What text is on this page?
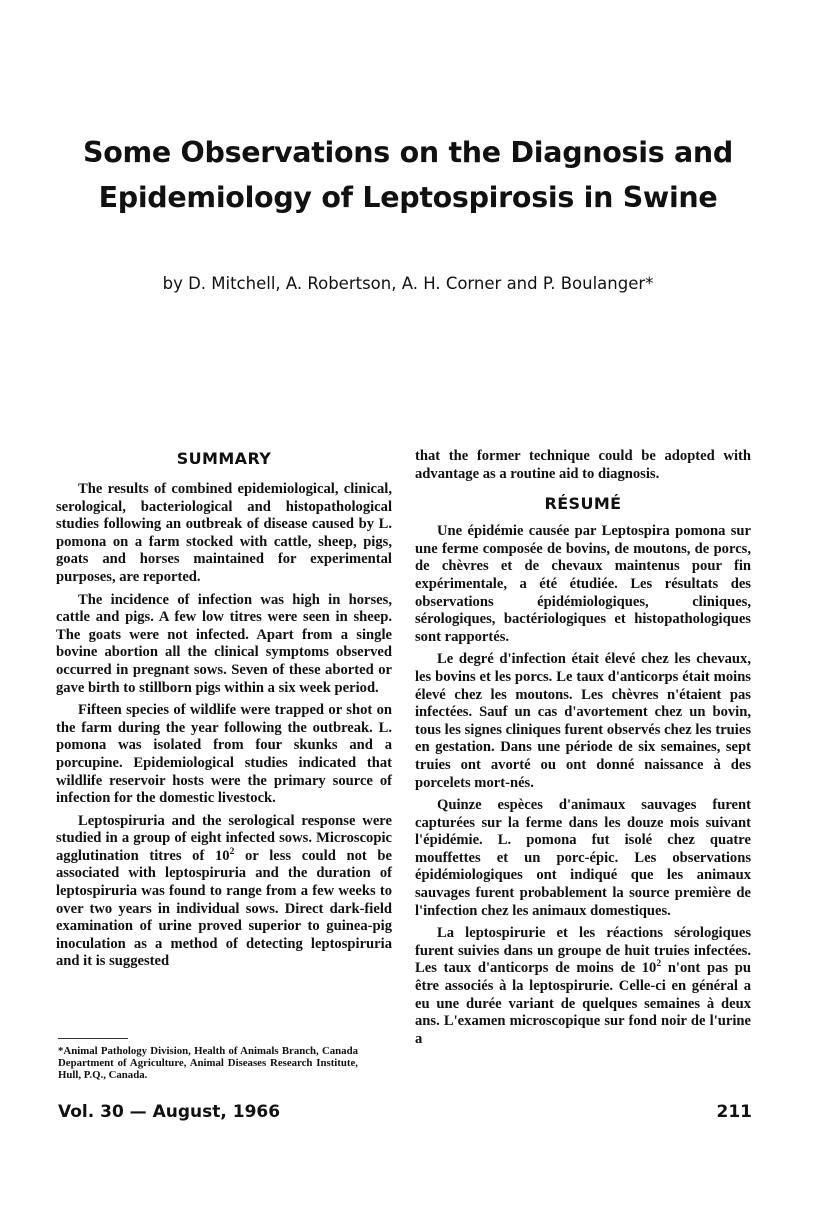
Some Observations on the Diagnosis and
Epidemiology of Leptospirosis in Swine
by D. Mitchell, A. Robertson, A. H. Corner and P. Boulanger*
SUMMARY

The results of combined epidemiological, clinical, serological, bacteriological and histopathological studies following an outbreak of disease caused by L. pomona on a farm stocked with cattle, sheep, pigs, goats and horses maintained for experimental purposes, are reported.

The incidence of infection was high in horses, cattle and pigs. A few low titres were seen in sheep. The goats were not infected. Apart from a single bovine abortion all the clinical symptoms observed occurred in pregnant sows. Seven of these aborted or gave birth to stillborn pigs within a six week period.

Fifteen species of wildlife were trapped or shot on the farm during the year following the outbreak. L. pomona was isolated from four skunks and a porcupine. Epidemiological studies indicated that wildlife reservoir hosts were the primary source of infection for the domestic livestock.

Leptospiruria and the serological response were studied in a group of eight infected sows. Microscopic agglutination titres of $10^2$ or less could not be associated with leptospiruria and the duration of leptospiruria was found to range from a few weeks to over two years in individual sows. Direct dark-field examination of urine proved superior to guinea-pig inoculation as a method of detecting leptospiruria and it is suggested

*Animal Pathology Division, Health of Animals Branch, Canada Department of Agriculture, Animal Diseases Research Institute, Hull, P.Q., Canada.

that the former technique could be adopted with advantage as a routine aid to diagnosis.

RÉSUMÉ

Une épidémie causée par Leptospira pomona sur une ferme composée de bovins, de moutons, de porcs, de chèvres et de chevaux maintenus pour fin expérimentale, a été étudiée. Les résultats des observations épidémiologiques, cliniques, sérologiques, bactériologiques et histopathologiques sont rapportés.

Le degré d'infection était élevé chez les chevaux, les bovins et les porcs. Le taux d'anticorps était moins élevé chez les moutons. Les chèvres n'étaient pas infectées. Sauf un cas d'avortement chez un bovin, tous les signes cliniques furent observés chez les truies en gestation. Dans une période de six semaines, sept truies ont avorté ou ont donné naissance à des porcelets mort-nés.

Quinze espèces d'animaux sauvages furent capturées sur la ferme dans les douze mois suivant l'épidémie. L. pomona fut isolé chez quatre mouffettes et un porc-épic. Les observations épidémiologiques ont indiqué que les animaux sauvages furent probablement la source première de l'infection chez les animaux domestiques.

La leptospirurie et les réactions sérologiques furent suivies dans un groupe de huit truies infectées. Les taux d'anticorps de moins de $10^2$ n'ont pas pu être associés à la leptospirurie. Celle-ci en général a eu une durée variant de quelques semaines à deux ans. L'examen microscopique sur fond noir de l'urine a

Vol. 30 — August, 1966	211
